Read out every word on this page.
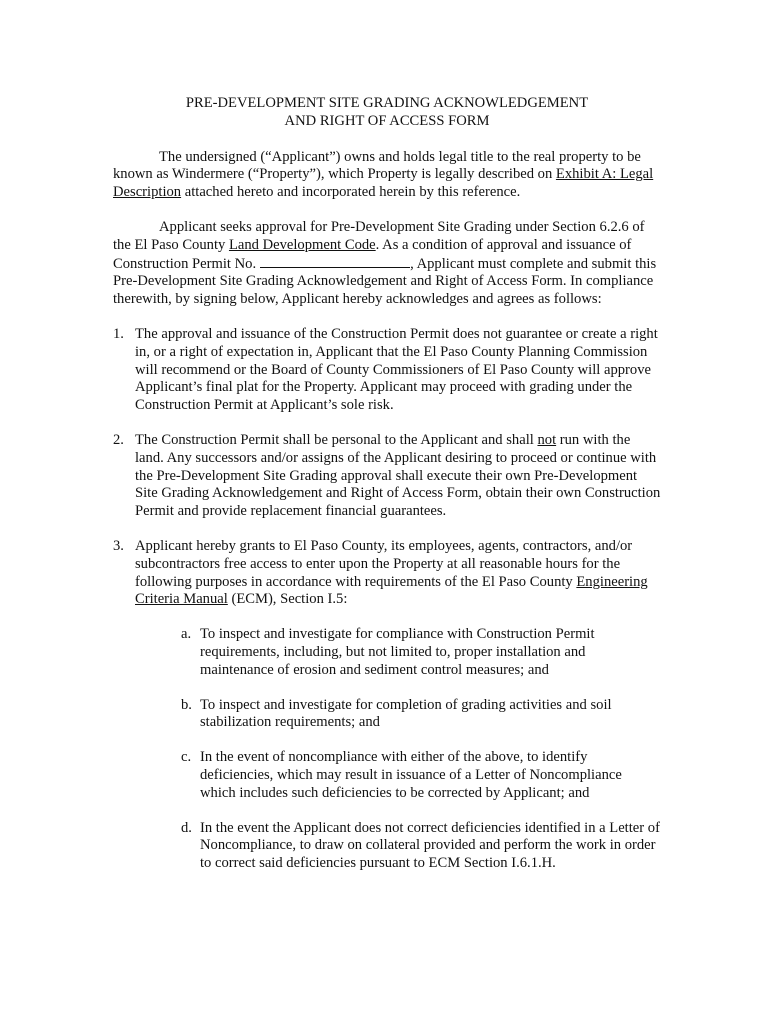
PRE-DEVELOPMENT SITE GRADING ACKNOWLEDGEMENT
AND RIGHT OF ACCESS FORM

The undersigned (“Applicant”) owns and holds legal title to the real property to be known as Windermere (“Property”), which Property is legally described on Exhibit A: Legal Description attached hereto and incorporated herein by this reference.

Applicant seeks approval for Pre-Development Site Grading under Section 6.2.6 of the El Paso County Land Development Code. As a condition of approval and issuance of Construction Permit No.	, Applicant must complete and submit this Pre-Development Site Grading Acknowledgement and Right of Access Form. In compliance therewith, by signing below, Applicant hereby acknowledges and agrees as follows:

1. The approval and issuance of the Construction Permit does not guarantee or create a right in, or a right of expectation in, Applicant that the El Paso County Planning Commission will recommend or the Board of County Commissioners of El Paso County will approve Applicant’s final plat for the Property. Applicant may proceed with grading under the Construction Permit at Applicant’s sole risk.
2. The Construction Permit shall be personal to the Applicant and shall not run with the land. Any successors and/or assigns of the Applicant desiring to proceed or continue with the Pre-Development Site Grading approval shall execute their own Pre-Development Site Grading Acknowledgement and Right of Access Form, obtain their own Construction Permit and provide replacement financial guarantees.
3. Applicant hereby grants to El Paso County, its employees, agents, contractors, and/or subcontractors free access to enter upon the Property at all reasonable hours for the following purposes in accordance with requirements of the El Paso County Engineering Criteria Manual (ECM), Section I.5:
a. To inspect and investigate for compliance with Construction Permit requirements, including, but not limited to, proper installation and maintenance of erosion and sediment control measures; and
b. To inspect and investigate for completion of grading activities and soil stabilization requirements; and
c. In the event of noncompliance with either of the above, to identify deficiencies, which may result in issuance of a Letter of Noncompliance which includes such deficiencies to be corrected by Applicant; and
d. In the event the Applicant does not correct deficiencies identified in a Letter of Noncompliance, to draw on collateral provided and perform the work in order to correct said deficiencies pursuant to ECM Section I.6.1.H.
